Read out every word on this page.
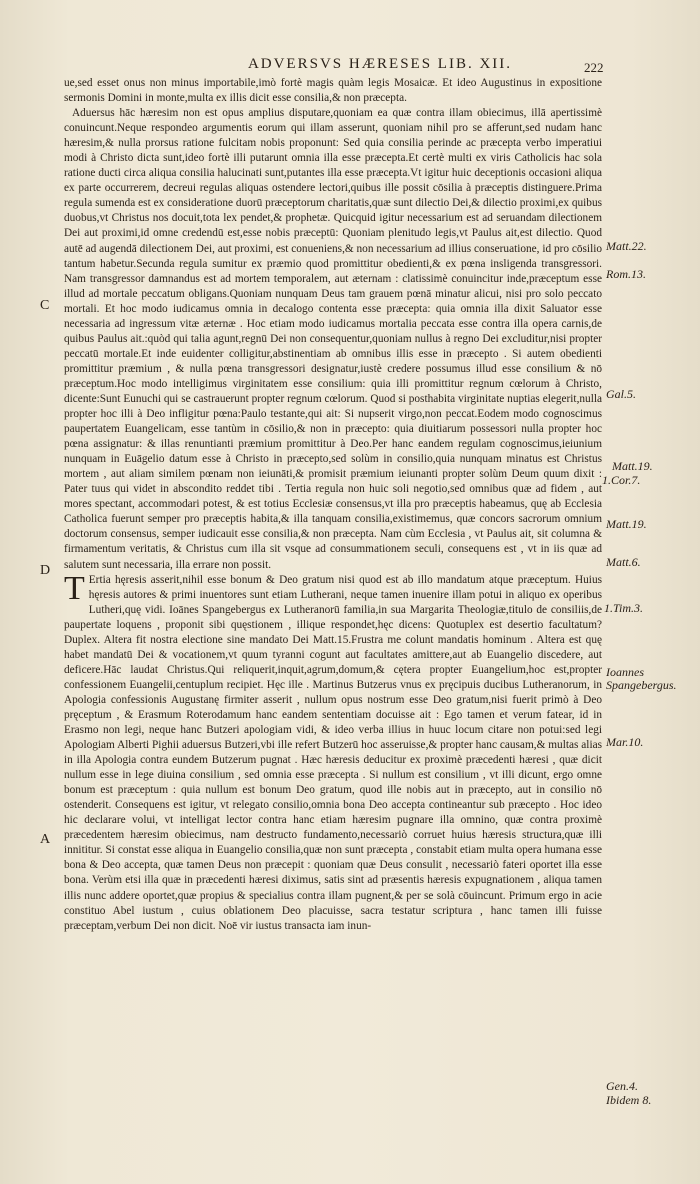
ADVERSVS HÆRESES LIB. XII.	222

ue,sed esset onus non minus importabile,imò fortè magis quàm legis Mosaicæ. Et ideo Augustinus in expositione sermonis Domini in monte,multa ex illis dicit esse consilia,& non præcepta.

Aduersus hāc hæresim non est opus amplius disputare,quoniam ea quæ contra illam obiecimus, illā apertissimè conuincunt.Neque respondeo argumentis eorum qui illam asserunt, quoniam nihil pro se afferunt,sed nudam hanc hæresim,& nulla prorsus ratione fulcitam nobis proponunt: Sed quia consilia perinde ac præcepta verbo imperatiui modi à Christo dicta sunt,ideo fortè illi putarunt omnia illa esse præcepta.Et certè multi ex viris Catholicis hac sola ratione ducti circa aliqua consilia halucinati sunt,putantes illa esse præcepta.Vt igitur huic deceptionis occasioni aliqua ex parte occurrerem, decreui regulas aliquas ostendere lectori,quibus ille possit cōsilia à præceptis distinguere.Prima regula sumenda est ex consideratione duorū præceptorum charitatis,quæ sunt dilectio Dei,& dilectio proximi,ex quibus duobus,vt Christus nos docuit,tota lex pendet,& prophetæ. Quicquid igitur necessarium est ad seruandam dilectionem Dei aut proximi,id omne credendū est,esse nobis præceptū: Quoniam plenitudo legis,vt Paulus ait,est dilectio. Quod autē ad augendā dilectionem Dei, aut proximi, est conueniens,& non necessarium ad illius conseruatione, id pro cōsilio tantum habetur.Secunda regula sumitur ex præmio quod promittitur obedienti,& ex pœna insligenda transgressori. Nam transgressor damnandus est ad mortem temporalem, aut æternam : clatissimè conuincitur inde,præceptum esse illud ad mortale peccatum obligans.Quoniam nunquam Deus tam grauem pœnā minatur alicui, nisi pro solo peccato mortali. Et hoc modo iudicamus omnia in decalogo contenta esse præcepta: quia omnia illa dixit Saluator esse necessaria ad ingressum vitæ æternæ . Hoc etiam modo iudicamus mortalia peccata esse contra illa opera carnis,de quibus Paulus ait.:quòd qui talia agunt,regnū Dei non consequentur,quoniam nullus à regno Dei excluditur,nisi propter peccatū mortale.Et inde euidenter colligitur,abstinentiam ab omnibus illis esse in præcepto . Si autem obedienti promittitur præmium , & nulla pœna transgressori designatur,iustè credere possumus illud esse consilium & nō præceptum.Hoc modo intelligimus virginitatem esse consilium: quia illi promittitur regnum cœlorum à Christo, dicente:Sunt Eunuchi qui se castrauerunt propter regnum cœlorum. Quod si posthabita virginitate nuptias elegerit,nulla propter hoc illi à Deo infligitur pœna:Paulo testante,qui ait: Si nupserit virgo,non peccat.Eodem modo cognoscimus paupertatem Euangelicam, esse tantùm in cōsilio,& non in præcepto: quia diuitiarum possessori nulla propter hoc pœna assignatur: & illas renuntianti præmium promittitur à Deo.Per hanc eandem regulam cognoscimus,ieiunium nunquam in Euāgelio datum esse à Christo in præcepto,sed solùm in consilio,quia nunquam minatus est Christus mortem , aut aliam similem pœnam non ieiunāti,& promisit præmium ieiunanti propter solùm Deum quum dixit : Pater tuus qui videt in abscondito reddet tibi . Tertia regula non huic soli negotio,sed omnibus quæ ad fidem , aut mores spectant, accommodari potest, & est totius Ecclesiæ consensus,vt illa pro præceptis habeamus, quę ab Ecclesia Catholica fuerunt semper pro præceptis habita,& illa tanquam consilia,existimemus, quæ concors sacrorum omnium doctorum consensus, semper iudicauit esse consilia,& non præcepta. Nam cùm Ecclesia , vt Paulus ait, sit columna & firmamentum veritatis, & Christus cum illa sit vsque ad consummationem seculi, consequens est , vt in iis quæ ad salutem sunt necessaria, illa errare non possit.

T Ertia hęresis asserit,nihil esse bonum & Deo gratum nisi quod est ab illo mandatum atque præceptum. Huius hęresis autores & primi inuentores sunt etiam Lutherani, neque tamen inuenire illam potui in aliquo ex operibus Lutheri,quę vidi. Ioānes Spangebergus ex Lutheranorū familia,in sua Margarita Theologiæ,titulo de consiliis,de paupertate loquens , proponit sibi quęstionem , illique respondet,hęc dicens: Quotuplex est desertio facultatum?Duplex. Altera fit nostra electione sine mandato Dei Matt.15.Frustra me colunt mandatis hominum . Altera est quę habet mandatū Dei & vocationem,vt quum tyranni cogunt aut facultates amittere,aut ab Euangelio discedere, aut deficere.Hāc laudat Christus.Qui reliquerit,inquit,agrum,domum,& cętera propter Euangelium,hoc est,propter confessionem Euangelii,centuplum recipiet. Hęc ille . Martinus Butzerus vnus ex pręcipuis ducibus Lutheranorum, in Apologia confessionis Augustanę firmiter asserit , nullum opus nostrum esse Deo gratum,nisi fuerit primò à Deo pręceptum , & Erasmum Roterodamum hanc eandem sententiam docuisse ait : Ego tamen et verum fatear, id in Erasmo non legi, neque hanc Butzeri apologiam vidi, & ideo verba illius in huuc locum citare non potui:sed legi Apologiam Alberti Pighii aduersus Butzeri,vbi ille refert Butzerū hoc asseruisse,& propter hanc causam,& multas alias in illa Apologia contra eundem Butzerum pugnat . Hæc hæresis deducitur ex proximè præcedenti hæresi , quæ dicit nullum esse in lege diuina consilium , sed omnia esse præcepta . Si nullum est consilium , vt illi dicunt, ergo omne bonum est præceptum : quia nullum est bonum Deo gratum, quod ille nobis aut in præcepto, aut in consilio nō ostenderit. Consequens est igitur, vt relegato consilio,omnia bona Deo accepta contineantur sub præcepto . Hoc ideo hic declarare volui, vt intelligat lector contra hanc etiam hæresim pugnare illa omnino, quæ contra proximè præcedentem hæresim obiecimus, nam destructo fundamento,necessariò corruet huius hæresis structura,quæ illi innititur. Si constat esse aliqua in Euangelio consilia,quæ non sunt præcepta , constabit etiam multa opera humana esse bona & Deo accepta, quæ tamen Deus non præcepit : quoniam quæ Deus consulit , necessariò fateri oportet illa esse bona. Verùm etsi illa quæ in præcedenti hæresi diximus, satis sint ad præsentis hæresis expugnationem , aliqua tamen illis nunc addere oportet,quæ propius & specialius contra illam pugnent,& per se solà cōuincunt. Primum ergo in acie constituo Abel iustum , cuius oblationem Deo placuisse, sacra testatur scriptura , hanc tamen illi fuisse præceptam,verbum Dei non dicit. Noē vir iustus transacta iam inun-

Matt.22.
Rom.13.
Gal.5.
Matt.19.
1.Cor.7.
Matt.19.
Matt.6.
1.Tim.3.
Ioannes Spangebergus.
Mar.10.
Gen.4.
Ibidem 8.
C
D
A
